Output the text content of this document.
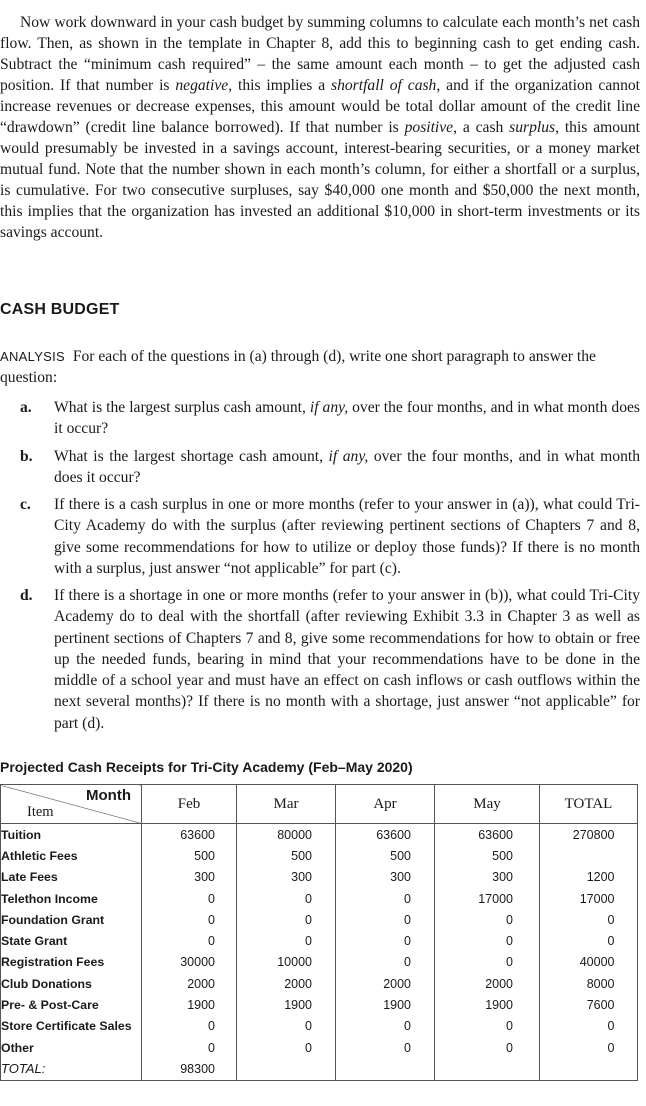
Now work downward in your cash budget by summing columns to calculate each month’s net cash flow. Then, as shown in the template in Chapter 8, add this to beginning cash to get ending cash. Subtract the “minimum cash required” – the same amount each month – to get the adjusted cash position. If that number is negative, this implies a shortfall of cash, and if the organization cannot increase revenues or decrease expenses, this amount would be total dollar amount of the credit line “drawdown” (credit line balance borrowed). If that number is positive, a cash surplus, this amount would presumably be invested in a savings account, interest-bearing securities, or a money market mutual fund. Note that the number shown in each month’s column, for either a shortfall or a surplus, is cumulative. For two consecutive surpluses, say $40,000 one month and $50,000 the next month, this implies that the organization has invested an additional $10,000 in short-term investments or its savings account.

CASH BUDGET

ANALYSIS For each of the questions in (a) through (d), write one short paragraph to answer the question:

a.	What is the largest surplus cash amount, if any, over the four months, and in what month does it occur?
b.	What is the largest shortage cash amount, if any, over the four months, and in what month does it occur?
c.	If there is a cash surplus in one or more months (refer to your answer in (a)), what could Tri-City Academy do with the surplus (after reviewing pertinent sections of Chapters 7 and 8, give some recommendations for how to utilize or deploy those funds)? If there is no month with a surplus, just answer “not applicable” for part (c).
d.	If there is a shortage in one or more months (refer to your answer in (b)), what could Tri-City Academy do to deal with the shortfall (after reviewing Exhibit 3.3 in Chapter 3 as well as pertinent sections of Chapters 7 and 8, give some recommendations for how to obtain or free up the needed funds, bearing in mind that your recommendations have to be done in the middle of a school year and must have an effect on cash inflows or cash outflows within the next several months)? If there is no month with a shortage, just answer “not applicable” for part (d).
Projected Cash Receipts for Tri-City Academy (Feb–May 2020)
Month
Item	Feb	Mar	Apr	May	TOTAL
Tuition	63600	80000	63600	63600	270800
Athletic Fees	500	500	500	500	
Late Fees	300	300	300	300	1200
Telethon Income	0	0	0	17000	17000
Foundation Grant	0	0	0	0	0
State Grant	0	0	0	0	0
Registration Fees	30000	10000	0	0	40000
Club Donations	2000	2000	2000	2000	8000
Pre- & Post-Care	1900	1900	1900	1900	7600
Store Certificate Sales	0	0	0	0	0
Other	0	0	0	0	0
TOTAL:	98300				
